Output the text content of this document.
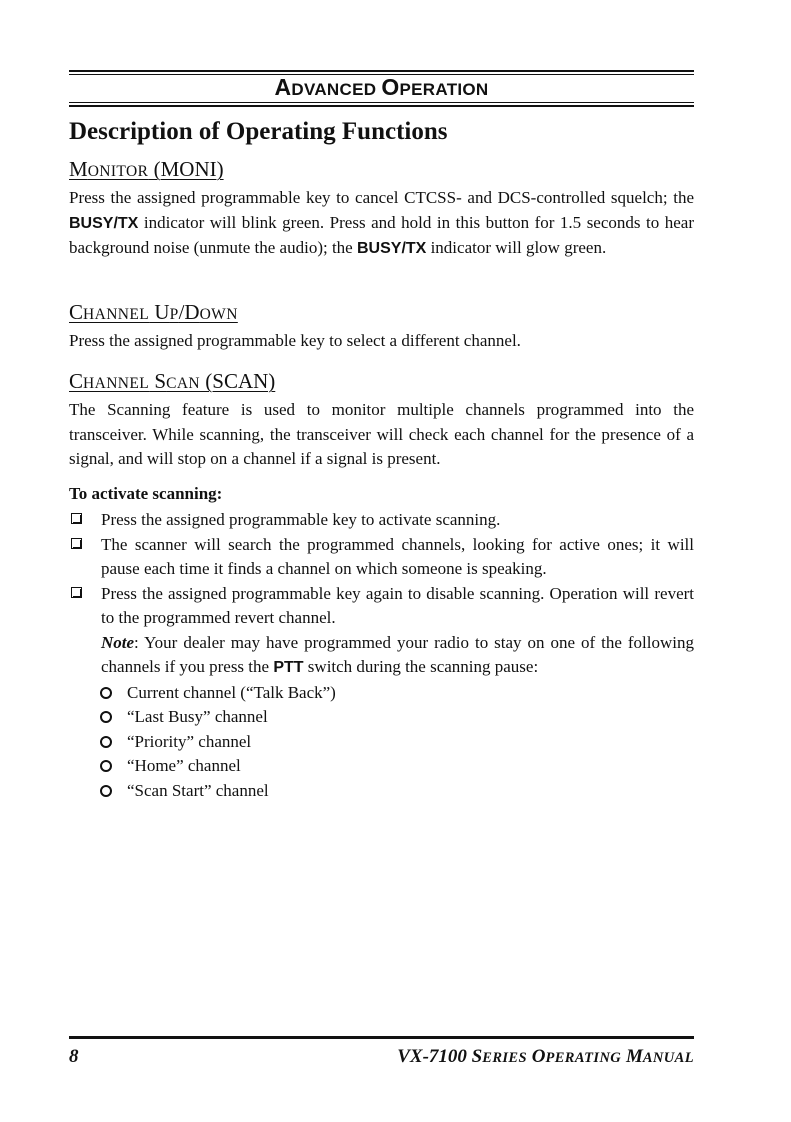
ADVANCED OPERATION
Description of Operating Functions
MONITOR (MONI)

Press the assigned programmable key to cancel CTCSS- and DCS-controlled squelch; the BUSY/TX indicator will blink green. Press and hold in this button for 1.5 seconds to hear background noise (unmute the audio); the BUSY/TX indicator will glow green.

CHANNEL UP/DOWN

Press the assigned programmable key to select a different channel.

CHANNEL SCAN (SCAN)

The Scanning feature is used to monitor multiple channels programmed into the transceiver. While scanning, the transceiver will check each channel for the presence of a signal, and will stop on a channel if a signal is present.

To activate scanning:

Press the assigned programmable key to activate scanning.
The scanner will search the programmed channels, looking for active ones; it will pause each time it finds a channel on which someone is speaking.
Press the assigned programmable key again to disable scanning. Operation will revert to the programmed revert channel.
Note: Your dealer may have programmed your radio to stay on one of the following channels if you press the PTT switch during the scanning pause:
Current channel (“Talk Back”)
“Last Busy” channel
“Priority” channel
“Home” channel
“Scan Start” channel
8	VX-7100 SERIES OPERATING MANUAL
